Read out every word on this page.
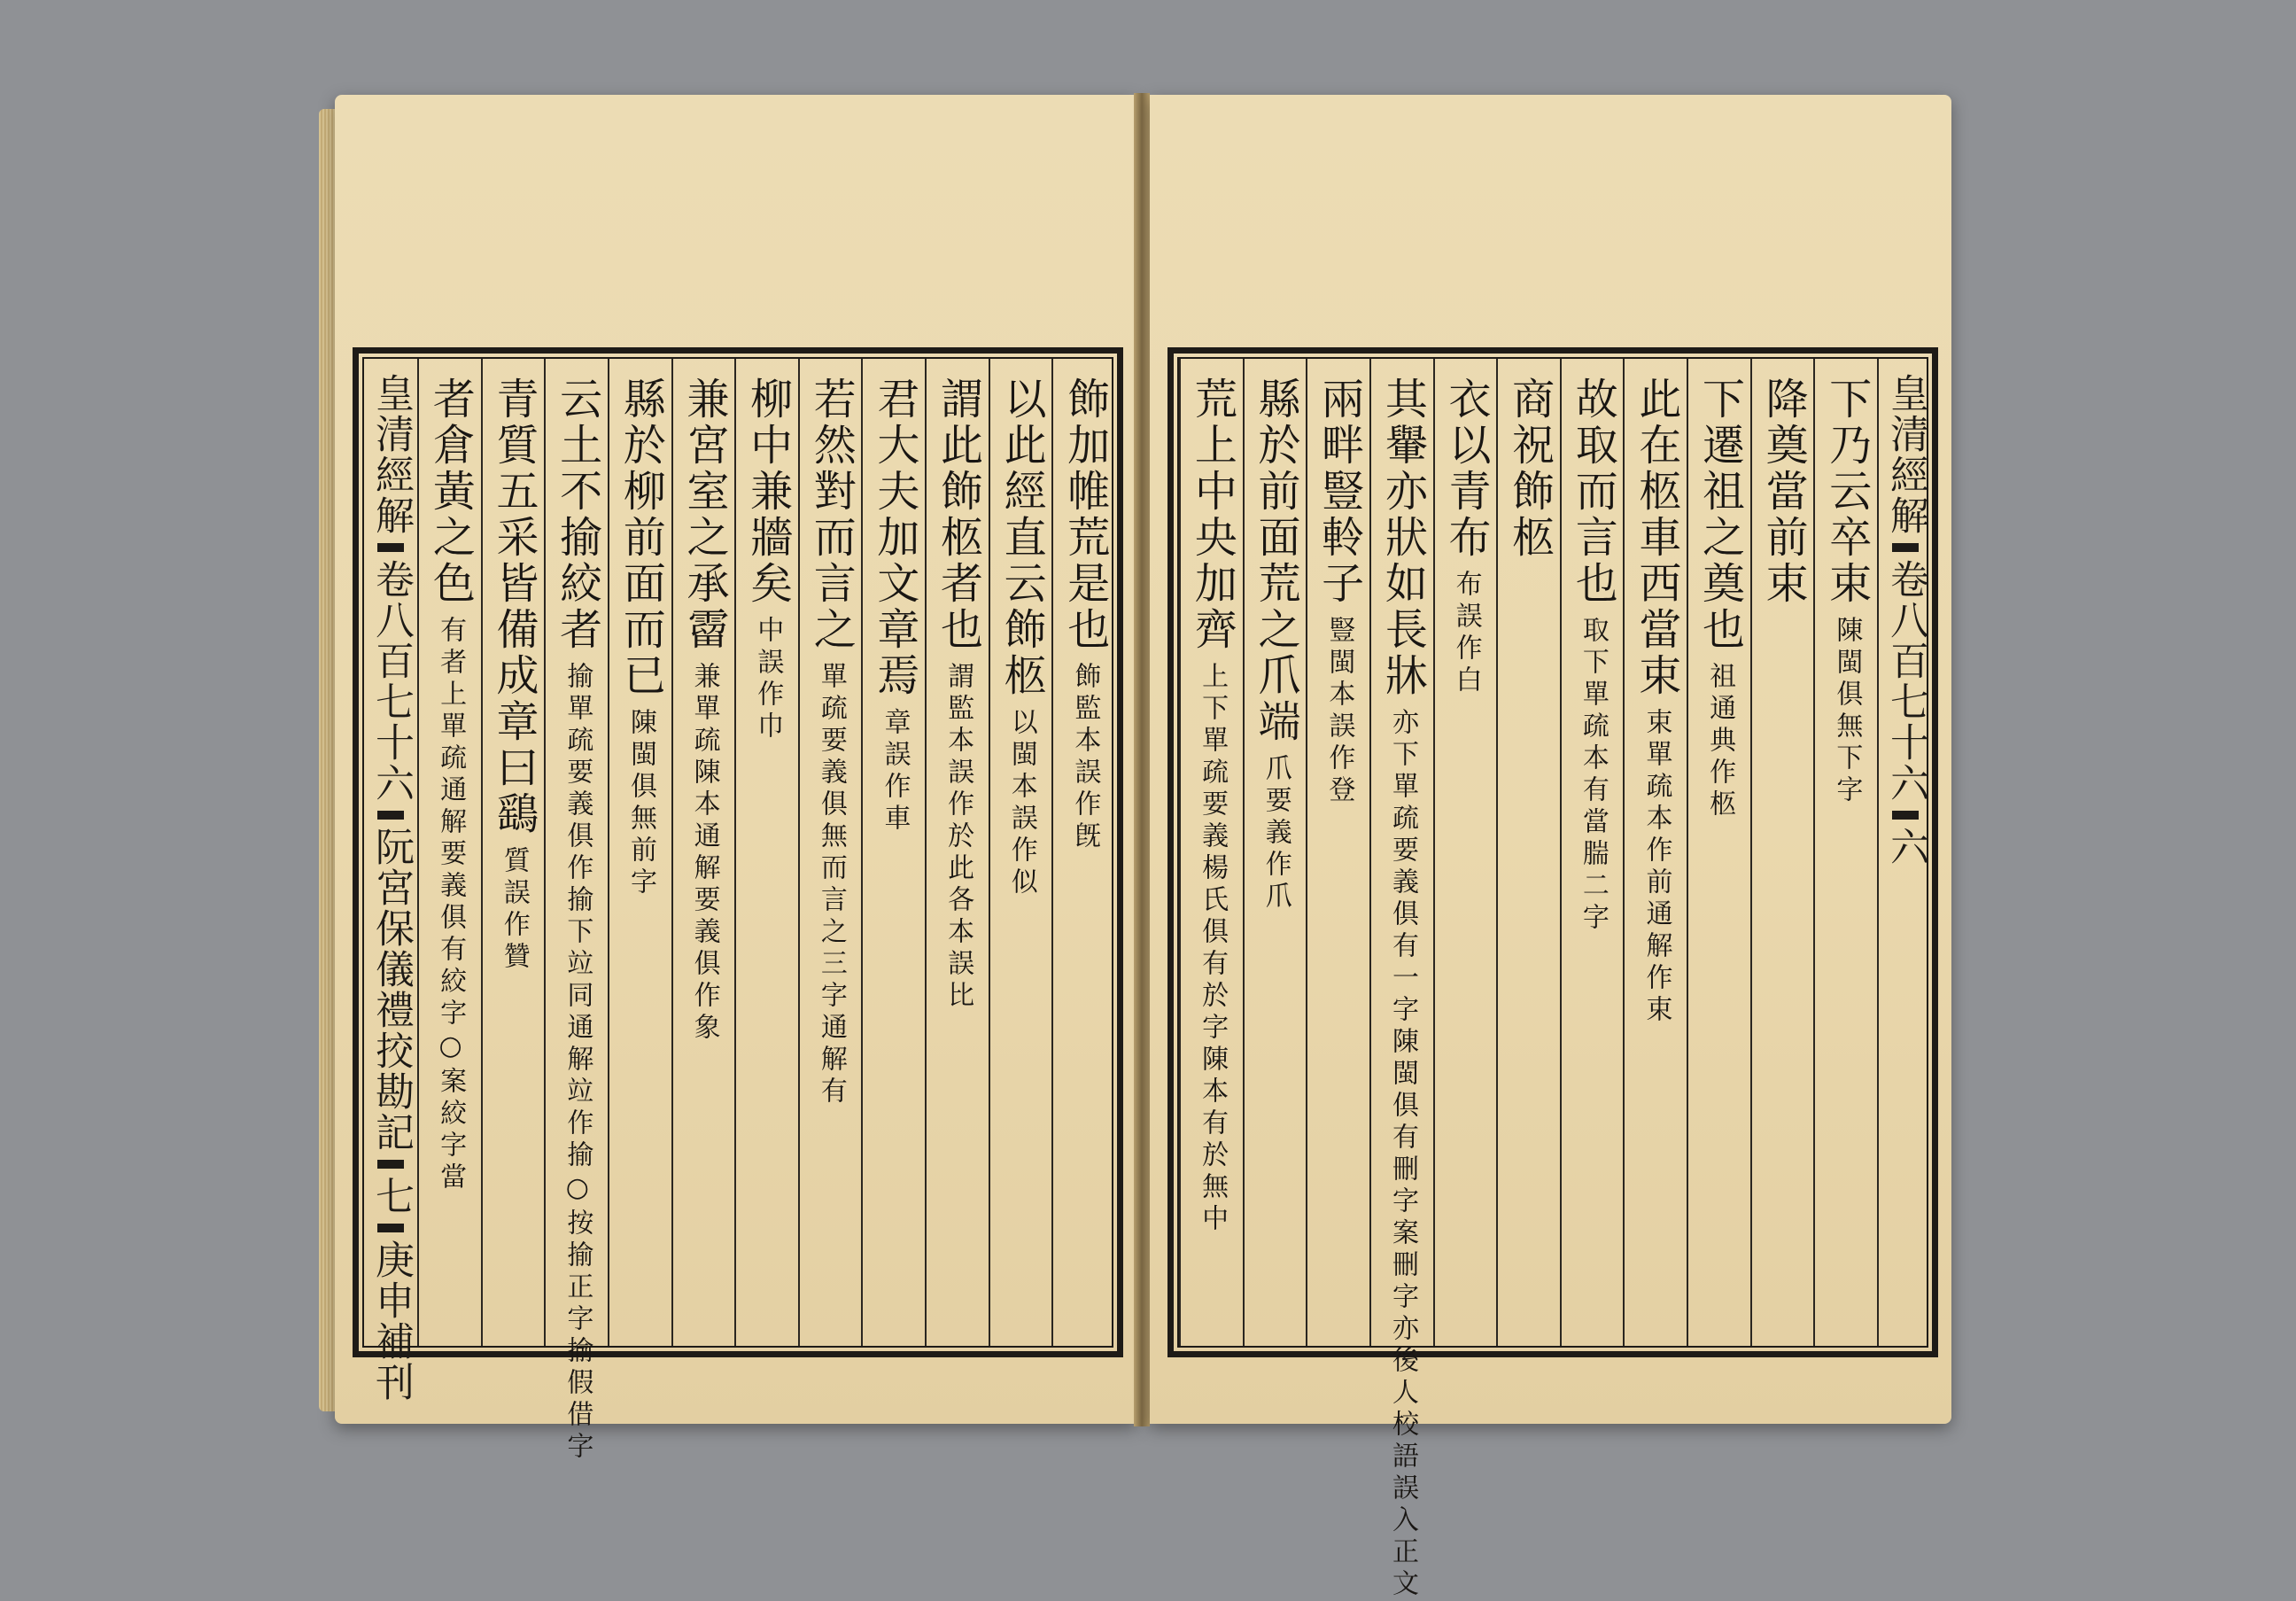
皇清經解
卷八百七十六
阮宮保儀禮挍勘記
七
庚申補刊
飾加帷荒是也
飾監本誤作旣
以此經直云飾柩
以閩本誤作似
謂此飾柩者也
謂監本誤作於此各本誤比
君大夫加文章焉
章誤作車
若然對而言之
單疏要義俱無而言之三字通解有
柳中兼牆矣
中誤作巾
兼宮室之承霤
兼單疏陳本通解要義俱作象
縣於柳前面而已
陳閩俱無前字
云土不揄絞者
揄單疏要義俱作揄下竝同通解竝作揄○按揄正字揄假借字
青質五采皆備成章曰鷂
質誤作贊
者倉黃之色
有者上單疏通解要義俱有絞字○案絞字當
下乃云卒束
陳閩俱無下字
降奠當前束
下遷祖之奠也
祖通典作柩
此在柩車西當束
束單疏本作前通解作束
故取而言也
取下單疏本有當腨二字
商祝飾柩
衣以青布
布誤作白
其轝亦狀如長牀
亦下單疏要義俱有一字陳閩俱有刪字案刪字亦後人校語誤入正文
兩畔豎軨子
豎閩本誤作登
縣於前面荒之爪端
爪要義作爪
荒上中央加齊
上下單疏要義楊氏俱有於字陳本有於無中
皇清經解
卷八百七十六
六
